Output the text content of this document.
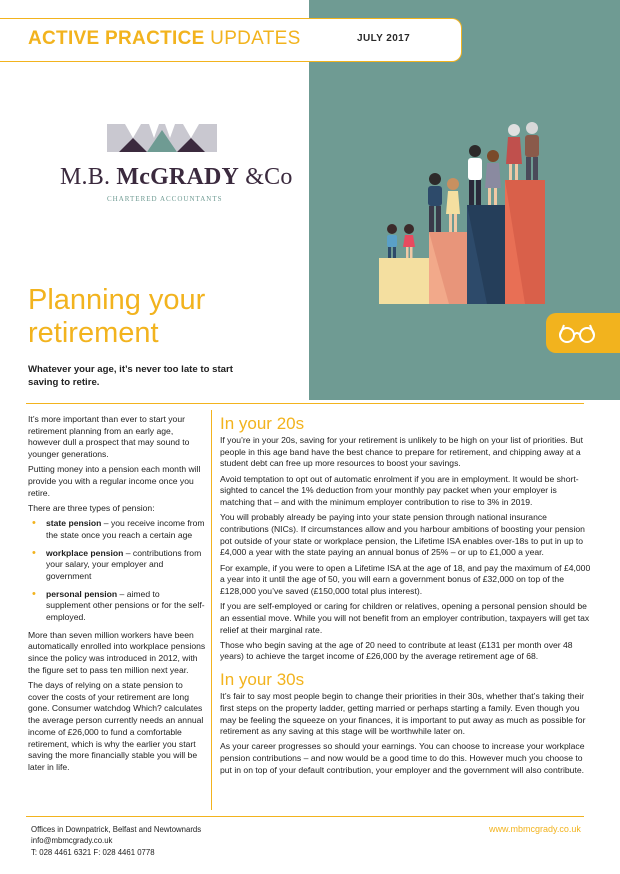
ACTIVE PRACTICE UPDATES	JULY 2017
M.B. McGRADY &Co
CHARTERED ACCOUNTANTS
Planning your retirement

Whatever your age, it’s never too late to start saving to retire.

It’s more important than ever to start your retirement planning from an early age, however dull a prospect that may sound to younger generations.

Putting money into a pension each month will provide you with a regular income once you retire.

There are three types of pension:

• state pension – you receive income from the state once you reach a certain age
• workplace pension – contributions from your salary, your employer and government
• personal pension – aimed to supplement other pensions or for the self-employed.

More than seven million workers have been automatically enrolled into workplace pensions since the policy was introduced in 2012, with the figure set to pass ten million next year.

The days of relying on a state pension to cover the costs of your retirement are long gone. Consumer watchdog Which? calculates the average person currently needs an annual income of £26,000 to fund a comfortable retirement, which is why the earlier you start saving the more financially stable you will be later in life.

In your 20s

If you’re in your 20s, saving for your retirement is unlikely to be high on your list of priorities. But people in this age band have the best chance to prepare for retirement, and chipping away at a student debt can free up more resources to boost your savings.

Avoid temptation to opt out of automatic enrolment if you are in employment. It would be short-sighted to cancel the 1% deduction from your monthly pay packet when your employer is matching that – and with the minimum employer contribution to rise to 3% in 2019.

You will probably already be paying into your state pension through national insurance contributions (NICs). If circumstances allow and you harbour ambitions of boosting your pension pot outside of your state or workplace pension, the Lifetime ISA enables over-18s to put in up to £4,000 a year with the state paying an annual bonus of 25% – or up to £1,000 a year.

For example, if you were to open a Lifetime ISA at the age of 18, and pay the maximum of £4,000 a year into it until the age of 50, you will earn a government bonus of £32,000 on top of the £128,000 you’ve saved (£150,000 total plus interest).

If you are self-employed or caring for children or relatives, opening a personal pension should be an essential move. While you will not benefit from an employer contribution, taxpayers will get tax relief at their marginal rate.

Those who begin saving at the age of 20 need to contribute at least (£131 per month over 48 years) to achieve the target income of £26,000 by the average retirement age of 68.

In your 30s

It’s fair to say most people begin to change their priorities in their 30s, whether that’s taking their first steps on the property ladder, getting married or perhaps starting a family. Even though you may be feeling the squeeze on your finances, it is important to put away as much as possible for retirement as any saving at this stage will be worthwhile later on.

As your career progresses so should your earnings. You can choose to increase your workplace pension contributions – and now would be a good time to do this. However much you choose to put in on top of your default contribution, your employer and the government will also contribute.

Offices in Downpatrick, Belfast and Newtownards
info@mbmcgrady.co.uk
T: 028 4461 6321 F: 028 4461 0778
www.mbmcgrady.co.uk
